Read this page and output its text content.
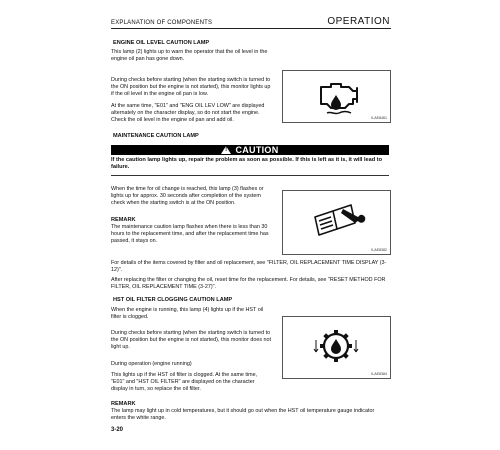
EXPLANATION OF COMPONENTS	OPERATION
ENGINE OIL LEVEL CAUTION LAMP

This lamp (2) lights up to warn the operator that the oil level in the engine oil pan has gone down.

During checks before starting (when the starting switch is turned to the ON position but the engine is not started), this monitor lights up if the oil level in the engine oil pan is low.

At the same time, "E01" and "ENG OIL LEV LOW" are displayed alternately on the character display, so do not start the engine. Check the oil level in the engine oil pan and add oil.	0-AE8461
MAINTENANCE CAUTION LAMP
! CAUTION

If the caution lamp lights up, repair the problem as soon as possible. If this is left as it is, it will lead to failure.

When the time for oil change is reached, this lamp (3) flashes or lights up for approx. 30 seconds after completion of the system check when the starting switch is at the ON position.

REMARK

The maintenance caution lamp flashes when there is less than 30 hours to the replacement time, and after the replacement time has passed, it stays on.

0-AE8382

For details of the items covered by filter and oil replacement, see "FILTER, OIL REPLACEMENT TIME DISPLAY (3-12)".

After replacing the filter or changing the oil, reset time for the replacement. For details, see "RESET METHOD FOR FILTER, OIL REPLACEMENT TIME (3-27)".

HST OIL FILTER CLOGGING CAUTION LAMP

When the engine is running, this lamp (4) lights up if the HST oil filter is clogged.

During checks before starting (when the starting switch is turned to the ON position but the engine is not started), this monitor does not light up.

During operation (engine running)

This lights up if the HST oil filter is clogged. At the same time, "E01" and "HST OIL FILTER" are displayed on the character display in turn, so replace the oil filter.

0-AE8384
REMARK

The lamp may light up in cold temperatures, but it should go out when the HST oil temperature gauge indicator enters the white range.

3-20
